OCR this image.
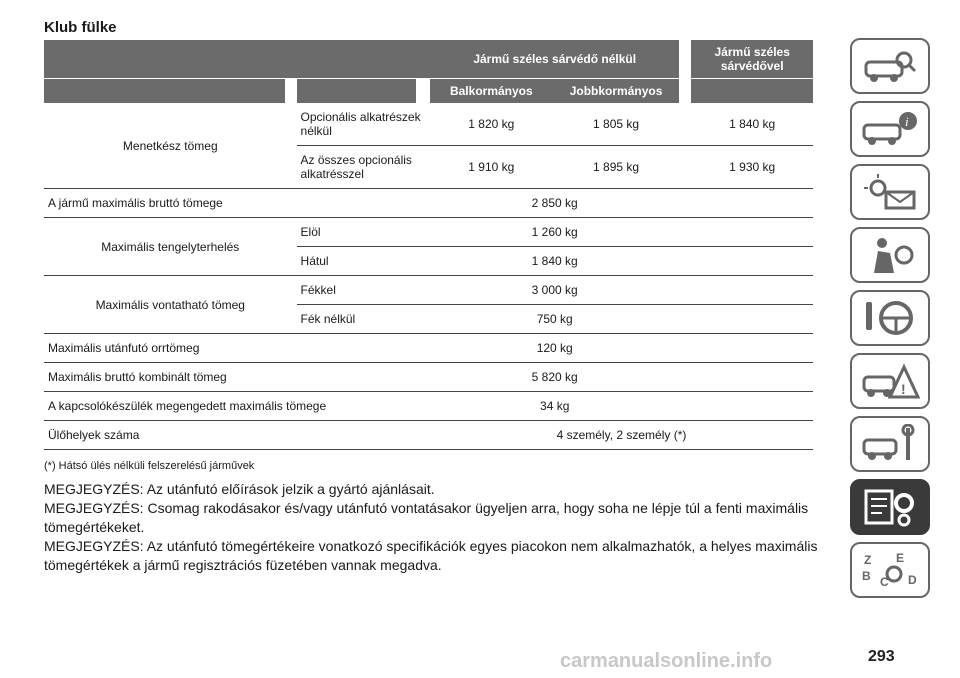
Klub fülke
				Jármű széles sárvédő nélkül			Jármű széles sárvédővel
				Balkormányos	Jobbkormányos		
Menetkész tömeg		Opcionális alkatrészek nélkül		1 820 kg	1 805 kg		1 840 kg
		Az összes opcionális alkatrésszel		1 910 kg	1 895 kg		1 930 kg
A jármű maximális bruttó tömege				2 850 kg			
Maximális tengelyterhelés		Elöl		1 260 kg			
		Hátul		1 840 kg			
Maximális vontatható tömeg		Fékkel		3 000 kg			
		Fék nélkül		750 kg			
Maximális utánfutó orrtömeg				120 kg			
Maximális bruttó kombinált tömeg				5 820 kg			
A kapcsolókészülék megengedett maximális tömege				34 kg			
Ülőhelyek száma				4 személy, 2 személy (*)			
(*) Hátsó ülés nélküli felszerelésű járművek

MEGJEGYZÉS: Az utánfutó előírások jelzik a gyártó ajánlásait.

MEGJEGYZÉS: Csomag rakodásakor és/vagy utánfutó vontatásakor ügyeljen arra, hogy soha ne lépje túl a fenti maximális tömegértékeket.

MEGJEGYZÉS: Az utánfutó tömegértékeire vonatkozó specifikációk egyes piacokon nem alkalmazhatók, a helyes maximális tömegértékek a jármű regisztrációs füzetében vannak megadva.

i
!
Z E
B C D
carmanualsonline.info	293
